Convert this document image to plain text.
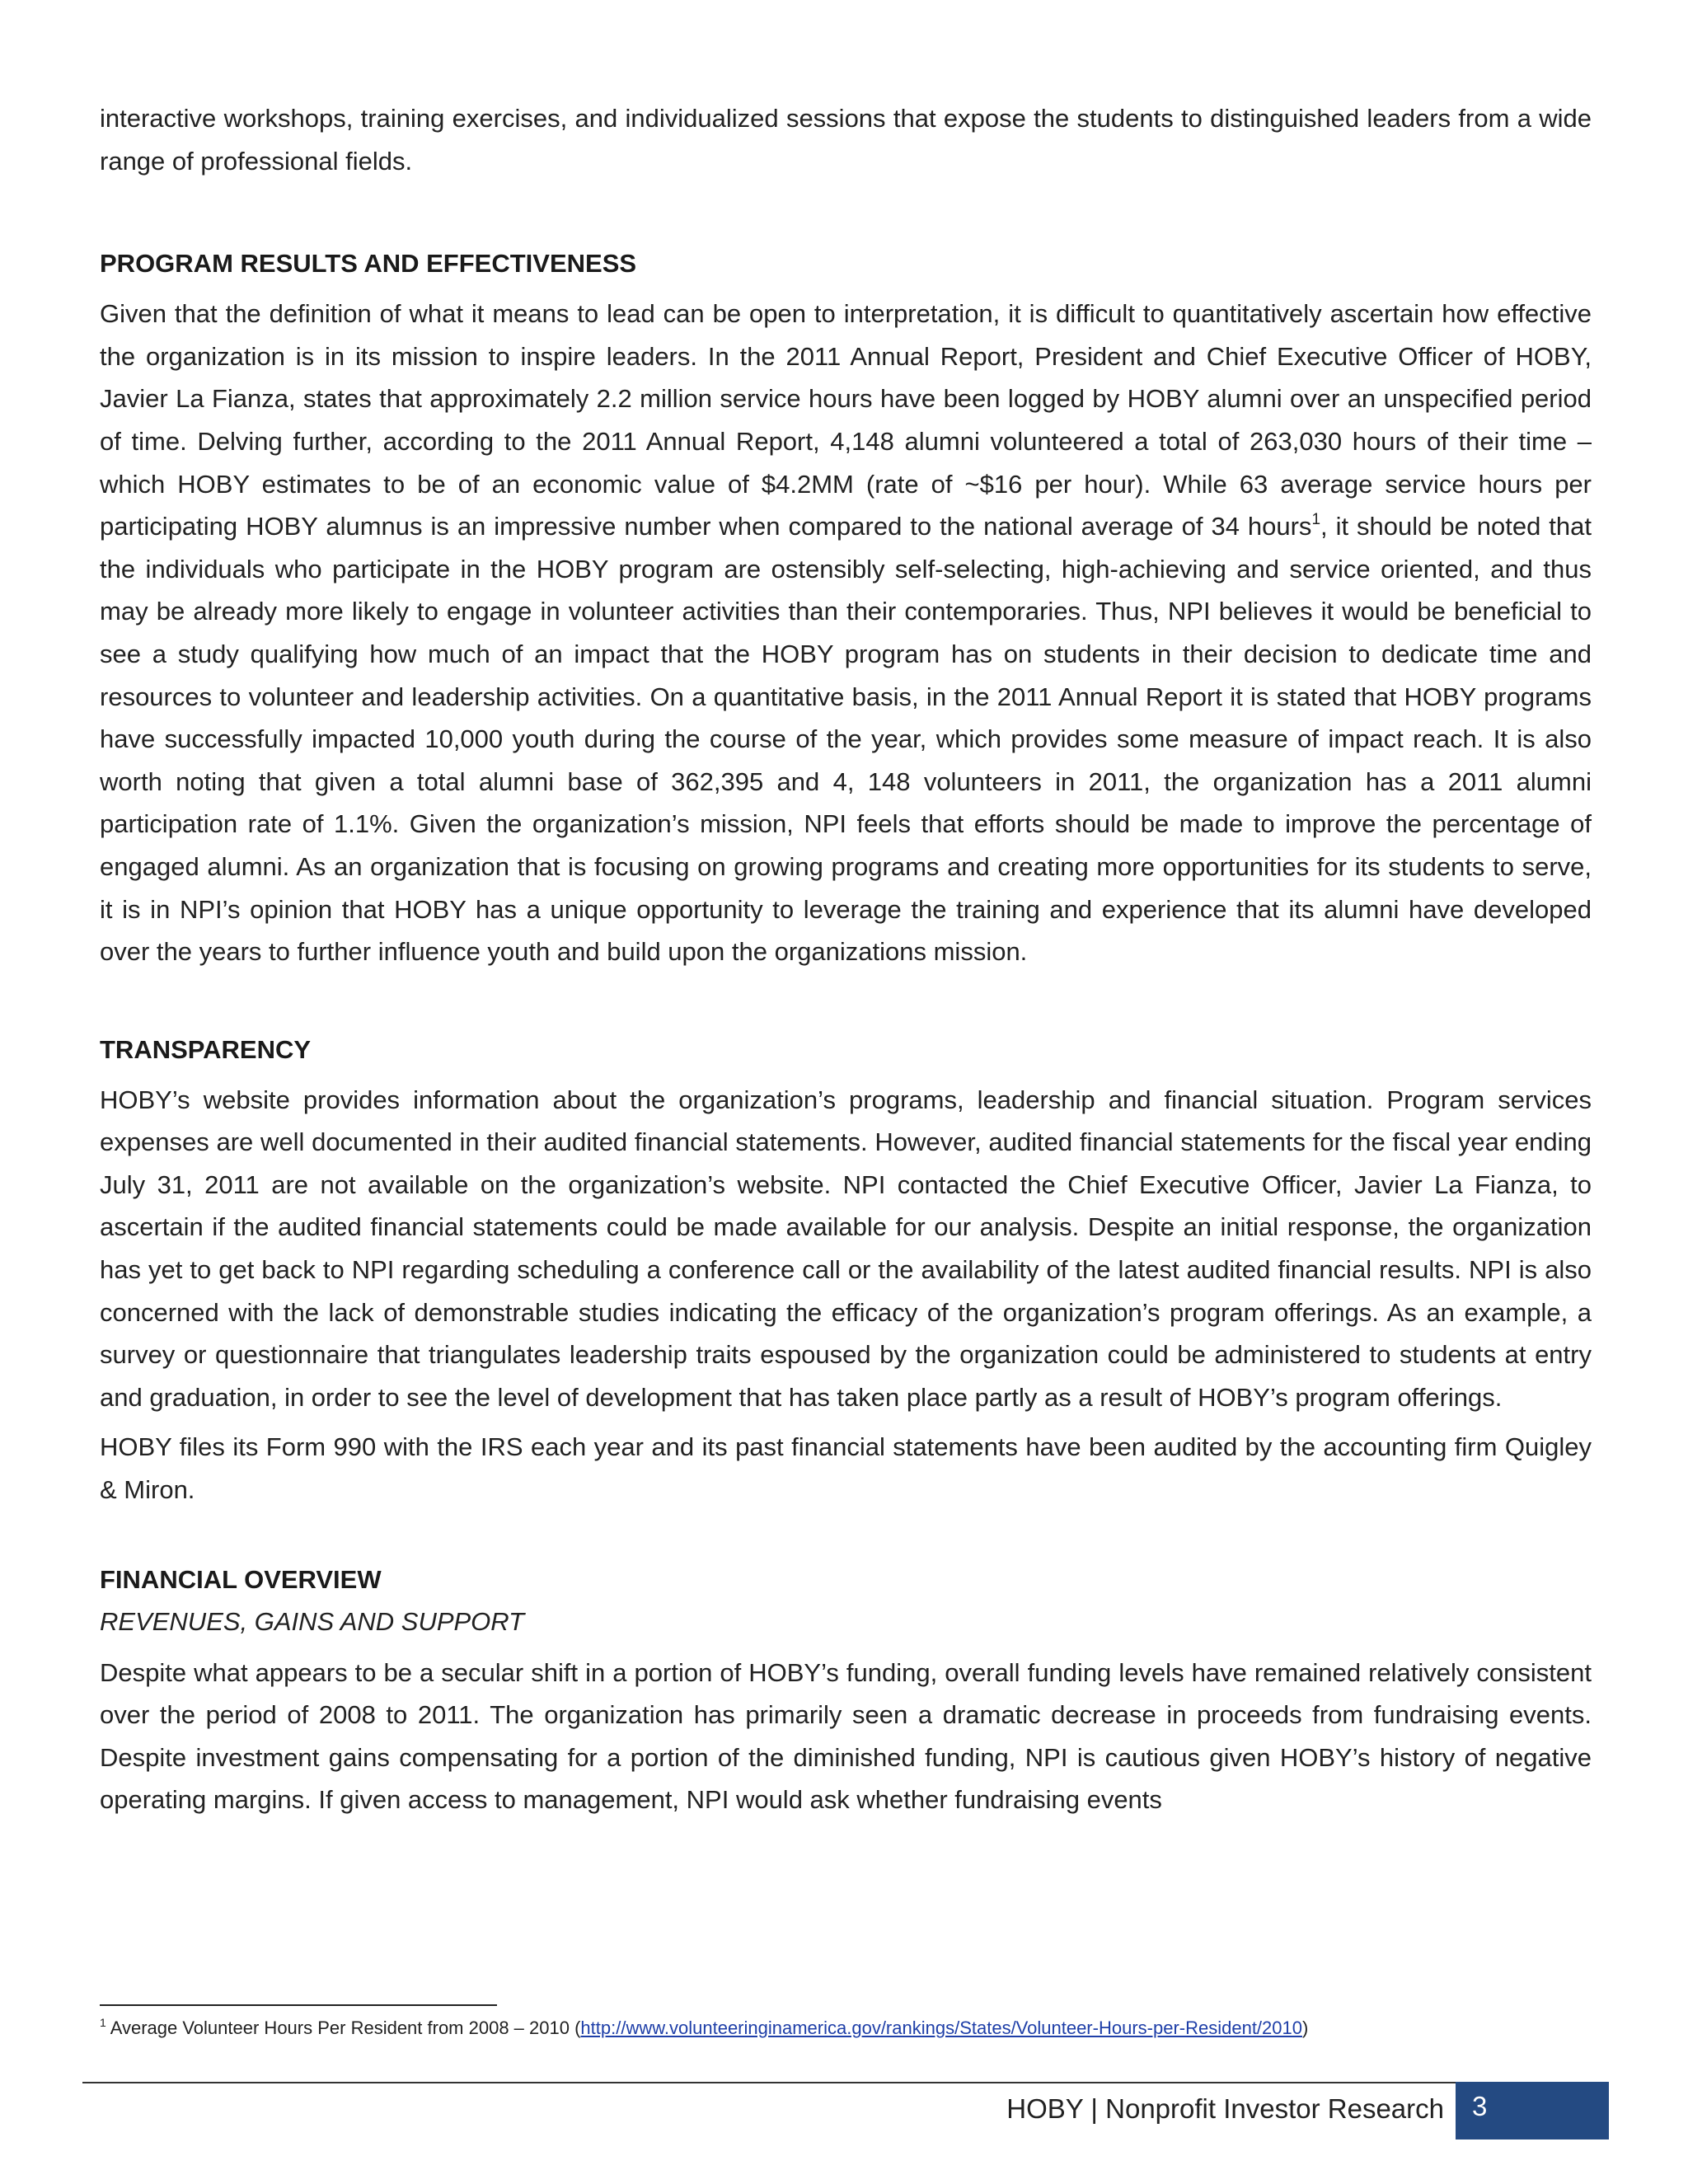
interactive workshops, training exercises, and individualized sessions that expose the students to distinguished leaders from a wide range of professional fields.

PROGRAM RESULTS AND EFFECTIVENESS

Given that the definition of what it means to lead can be open to interpretation, it is difficult to quantitatively ascertain how effective the organization is in its mission to inspire leaders. In the 2011 Annual Report, President and Chief Executive Officer of HOBY, Javier La Fianza, states that approximately 2.2 million service hours have been logged by HOBY alumni over an unspecified period of time. Delving further, according to the 2011 Annual Report, 4,148 alumni volunteered a total of 263,030 hours of their time – which HOBY estimates to be of an economic value of $4.2MM (rate of ~$16 per hour). While 63 average service hours per participating HOBY alumnus is an impressive number when compared to the national average of 34 hours$^1$, it should be noted that the individuals who participate in the HOBY program are ostensibly self-selecting, high-achieving and service oriented, and thus may be already more likely to engage in volunteer activities than their contemporaries. Thus, NPI believes it would be beneficial to see a study qualifying how much of an impact that the HOBY program has on students in their decision to dedicate time and resources to volunteer and leadership activities. On a quantitative basis, in the 2011 Annual Report it is stated that HOBY programs have successfully impacted 10,000 youth during the course of the year, which provides some measure of impact reach. It is also worth noting that given a total alumni base of 362,395 and 4, 148 volunteers in 2011, the organization has a 2011 alumni participation rate of 1.1%. Given the organization’s mission, NPI feels that efforts should be made to improve the percentage of engaged alumni. As an organization that is focusing on growing programs and creating more opportunities for its students to serve, it is in NPI’s opinion that HOBY has a unique opportunity to leverage the training and experience that its alumni have developed over the years to further influence youth and build upon the organizations mission.

TRANSPARENCY

HOBY’s website provides information about the organization’s programs, leadership and financial situation. Program services expenses are well documented in their audited financial statements. However, audited financial statements for the fiscal year ending July 31, 2011 are not available on the organization’s website. NPI contacted the Chief Executive Officer, Javier La Fianza, to ascertain if the audited financial statements could be made available for our analysis. Despite an initial response, the organization has yet to get back to NPI regarding scheduling a conference call or the availability of the latest audited financial results. NPI is also concerned with the lack of demonstrable studies indicating the efficacy of the organization’s program offerings. As an example, a survey or questionnaire that triangulates leadership traits espoused by the organization could be administered to students at entry and graduation, in order to see the level of development that has taken place partly as a result of HOBY’s program offerings.

HOBY files its Form 990 with the IRS each year and its past financial statements have been audited by the accounting firm Quigley & Miron.

FINANCIAL OVERVIEW
REVENUES, GAINS AND SUPPORT

Despite what appears to be a secular shift in a portion of HOBY’s funding, overall funding levels have remained relatively consistent over the period of 2008 to 2011. The organization has primarily seen a dramatic decrease in proceeds from fundraising events. Despite investment gains compensating for a portion of the diminished funding, NPI is cautious given HOBY’s history of negative operating margins. If given access to management, NPI would ask whether fundraising events

$^1$ Average Volunteer Hours Per Resident from 2008 – 2010 (http://www.volunteeringinamerica.gov/rankings/States/Volunteer-Hours-per-Resident/2010)
HOBY | Nonprofit Investor Research	3
